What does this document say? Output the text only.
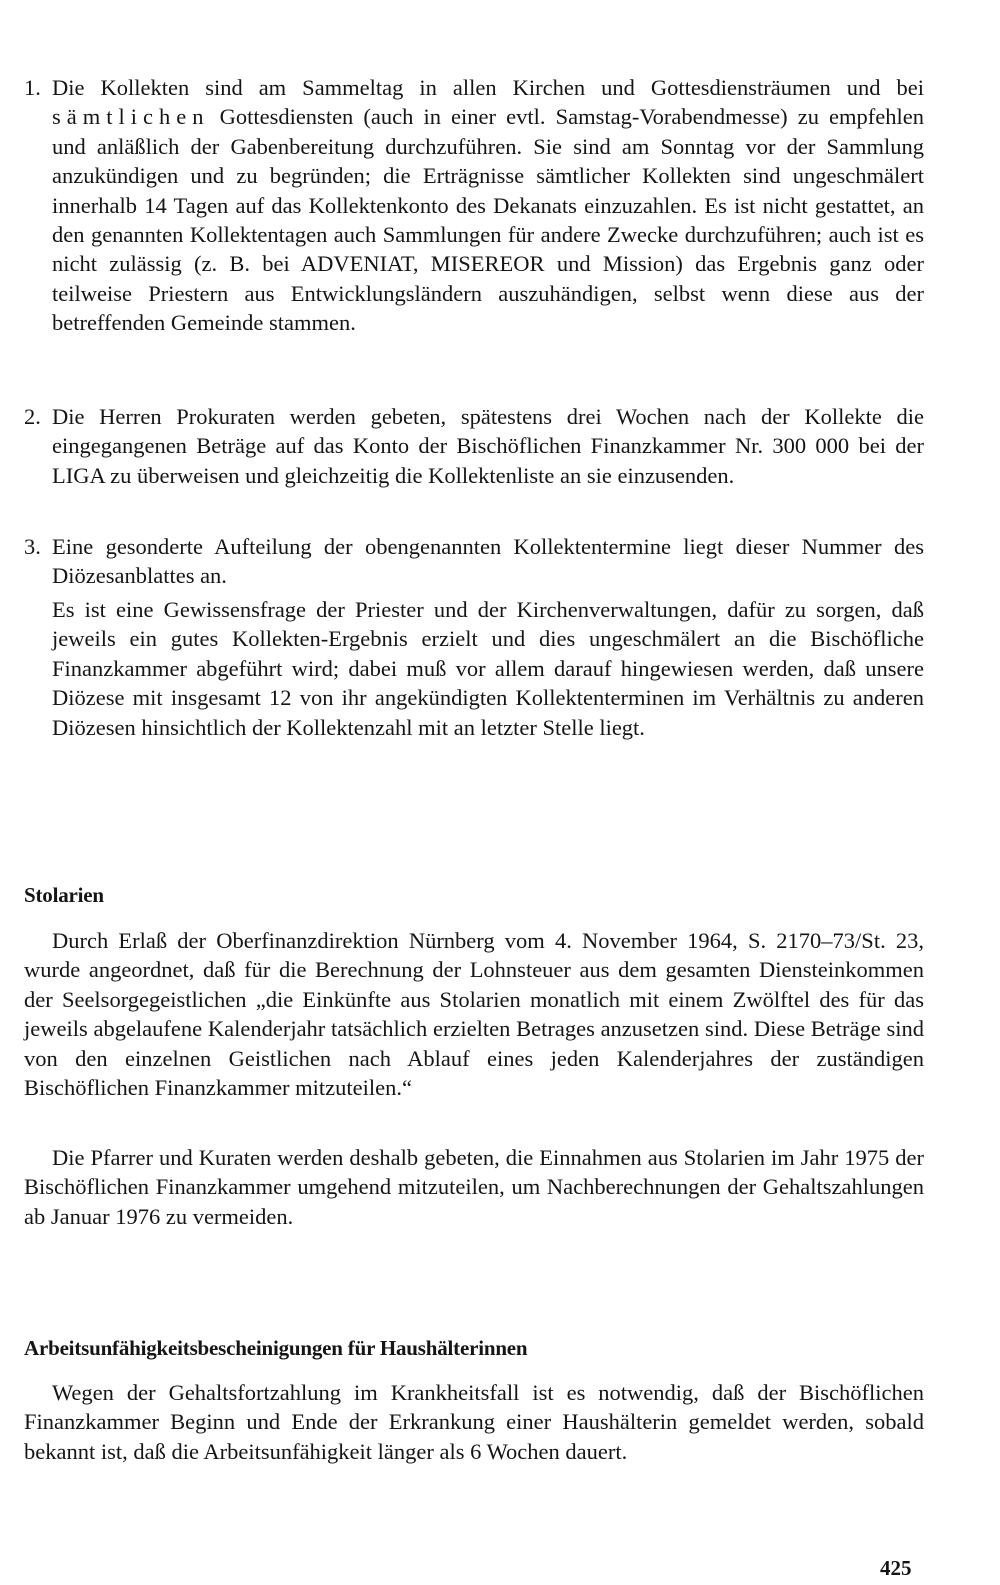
1. Die Kollekten sind am Sammeltag in allen Kirchen und Gottesdiensträumen und bei sämtlichen Gottesdiensten (auch in einer evtl. Samstag-Vorabendmesse) zu empfehlen und anläßlich der Gabenbereitung durchzuführen. Sie sind am Sonntag vor der Sammlung anzukündigen und zu begründen; die Erträgnisse sämtlicher Kollekten sind ungeschmälert innerhalb 14 Tagen auf das Kollektenkonto des Dekanats einzuzahlen. Es ist nicht gestattet, an den genannten Kollektentagen auch Sammlungen für andere Zwecke durchzuführen; auch ist es nicht zulässig (z. B. bei ADVENIAT, MISEREOR und Mission) das Ergebnis ganz oder teilweise Priestern aus Entwicklungsländern auszuhändigen, selbst wenn diese aus der betreffenden Gemeinde stammen.
2. Die Herren Prokuraten werden gebeten, spätestens drei Wochen nach der Kollekte die eingegangenen Beträge auf das Konto der Bischöflichen Finanzkammer Nr. 300 000 bei der LIGA zu überweisen und gleichzeitig die Kollektenliste an sie einzusenden.
3. Eine gesonderte Aufteilung der obengenannten Kollektentermine liegt dieser Nummer des Diözesanblattes an.
Es ist eine Gewissensfrage der Priester und der Kirchenverwaltungen, dafür zu sorgen, daß jeweils ein gutes Kollekten-Ergebnis erzielt und dies ungeschmälert an die Bischöfliche Finanzkammer abgeführt wird; dabei muß vor allem darauf hingewiesen werden, daß unsere Diözese mit insgesamt 12 von ihr angekündigten Kollektenterminen im Verhältnis zu anderen Diözesen hinsichtlich der Kollektenzahl mit an letzter Stelle liegt.
Stolarien
Durch Erlaß der Oberfinanzdirektion Nürnberg vom 4. November 1964, S. 2170–73/St. 23, wurde angeordnet, daß für die Berechnung der Lohnsteuer aus dem gesamten Diensteinkommen der Seelsorgegeistlichen „die Einkünfte aus Stolarien monatlich mit einem Zwölftel des für das jeweils abgelaufene Kalenderjahr tatsächlich erzielten Betrages anzusetzen sind. Diese Beträge sind von den einzelnen Geistlichen nach Ablauf eines jeden Kalenderjahres der zuständigen Bischöflichen Finanzkammer mitzuteilen.“
Die Pfarrer und Kuraten werden deshalb gebeten, die Einnahmen aus Stolarien im Jahr 1975 der Bischöflichen Finanzkammer umgehend mitzuteilen, um Nachberechnungen der Gehaltszahlungen ab Januar 1976 zu vermeiden.
Arbeitsunfähigkeitsbescheinigungen für Haushälterinnen
Wegen der Gehaltsfortzahlung im Krankheitsfall ist es notwendig, daß der Bischöflichen Finanzkammer Beginn und Ende der Erkrankung einer Haushälterin gemeldet werden, sobald bekannt ist, daß die Arbeitsunfähigkeit länger als 6 Wochen dauert.
425
